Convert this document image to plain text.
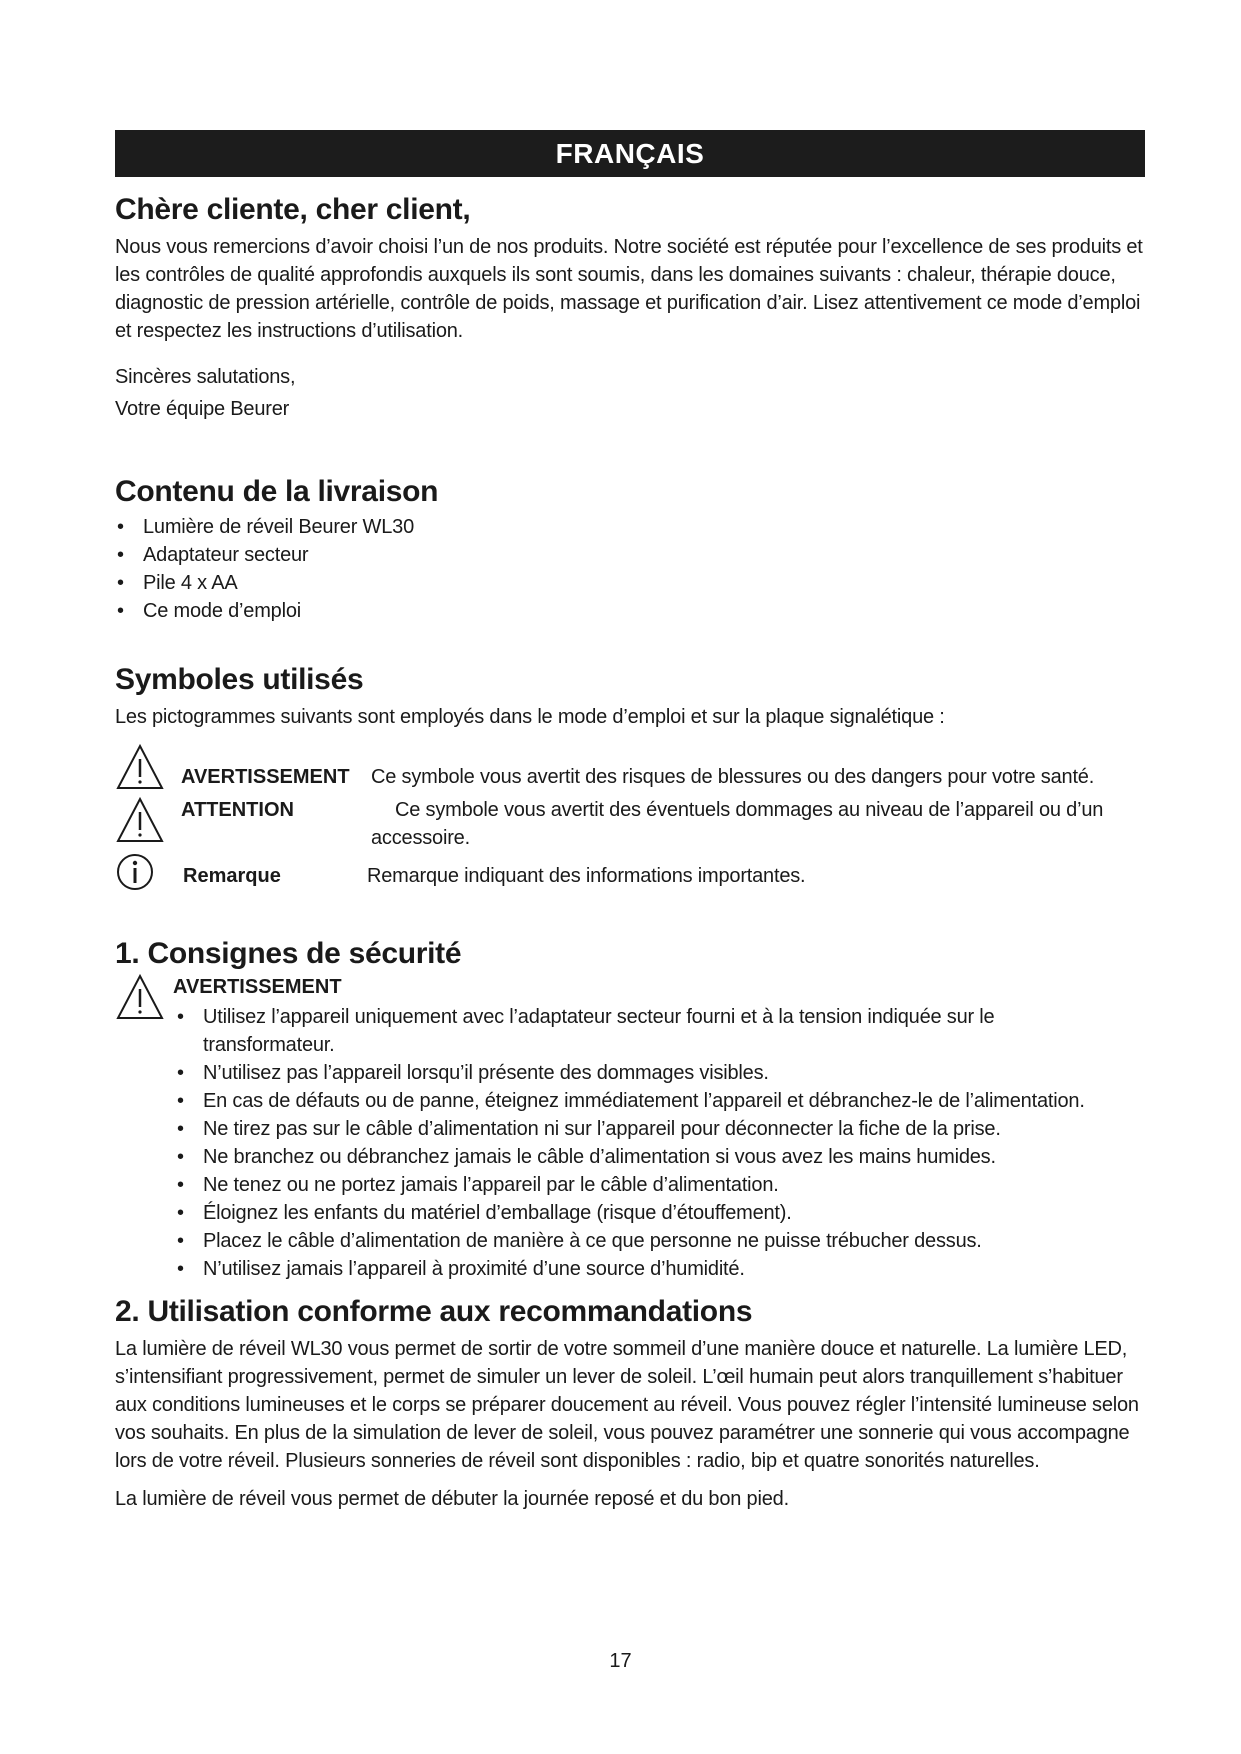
FRANÇAIS
Chère cliente, cher client,

Nous vous remercions d’avoir choisi l’un de nos produits. Notre société est réputée pour l’excellence de ses produits et les contrôles de qualité approfondis auxquels ils sont soumis, dans les domaines suivants : chaleur, thérapie douce, diagnostic de pression artérielle, contrôle de poids, massage et purification d’air. Lisez attentivement ce mode d’emploi et respectez les instructions d’utilisation.

Sincères salutations,

Votre équipe Beurer

Contenu de la livraison
• Lumière de réveil Beurer WL30
• Adaptateur secteur
• Pile 4 x AA
• Ce mode d’emploi
Symboles utilisés

Les pictogrammes suivants sont employés dans le mode d’emploi et sur la plaque signalétique :

AVERTISSEMENT	Ce symbole vous avertit des risques de blessures ou des dangers pour votre santé.
ATTENTION	Ce symbole vous avertit des éventuels dommages au niveau de l’appareil ou d’un accessoire.
Remarque	Remarque indiquant des informations importantes.
1. Consignes de sécurité
AVERTISSEMENT
• Utilisez l’appareil uniquement avec l’adaptateur secteur fourni et à la tension indiquée sur le transformateur.
• N’utilisez pas l’appareil lorsqu’il présente des dommages visibles.
• En cas de défauts ou de panne, éteignez immédiatement l’appareil et débranchez-le de l’alimentation.
• Ne tirez pas sur le câble d’alimentation ni sur l’appareil pour déconnecter la fiche de la prise.
• Ne branchez ou débranchez jamais le câble d’alimentation si vous avez les mains humides.
• Ne tenez ou ne portez jamais l’appareil par le câble d’alimentation.
• Éloignez les enfants du matériel d’emballage (risque d’étouffement).
• Placez le câble d’alimentation de manière à ce que personne ne puisse trébucher dessus.
• N’utilisez jamais l’appareil à proximité d’une source d’humidité.
2. Utilisation conforme aux recommandations

La lumière de réveil WL30 vous permet de sortir de votre sommeil d’une manière douce et naturelle. La lumière LED, s’intensifiant progressivement, permet de simuler un lever de soleil. L’œil humain peut alors tranquillement s’habituer aux conditions lumineuses et le corps se préparer doucement au réveil. Vous pouvez régler l’intensité lumineuse selon vos souhaits. En plus de la simulation de lever de soleil, vous pouvez paramétrer une sonnerie qui vous accompagne lors de votre réveil. Plusieurs sonneries de réveil sont disponibles : radio, bip et quatre sonorités naturelles.

La lumière de réveil vous permet de débuter la journée reposé et du bon pied.

17
